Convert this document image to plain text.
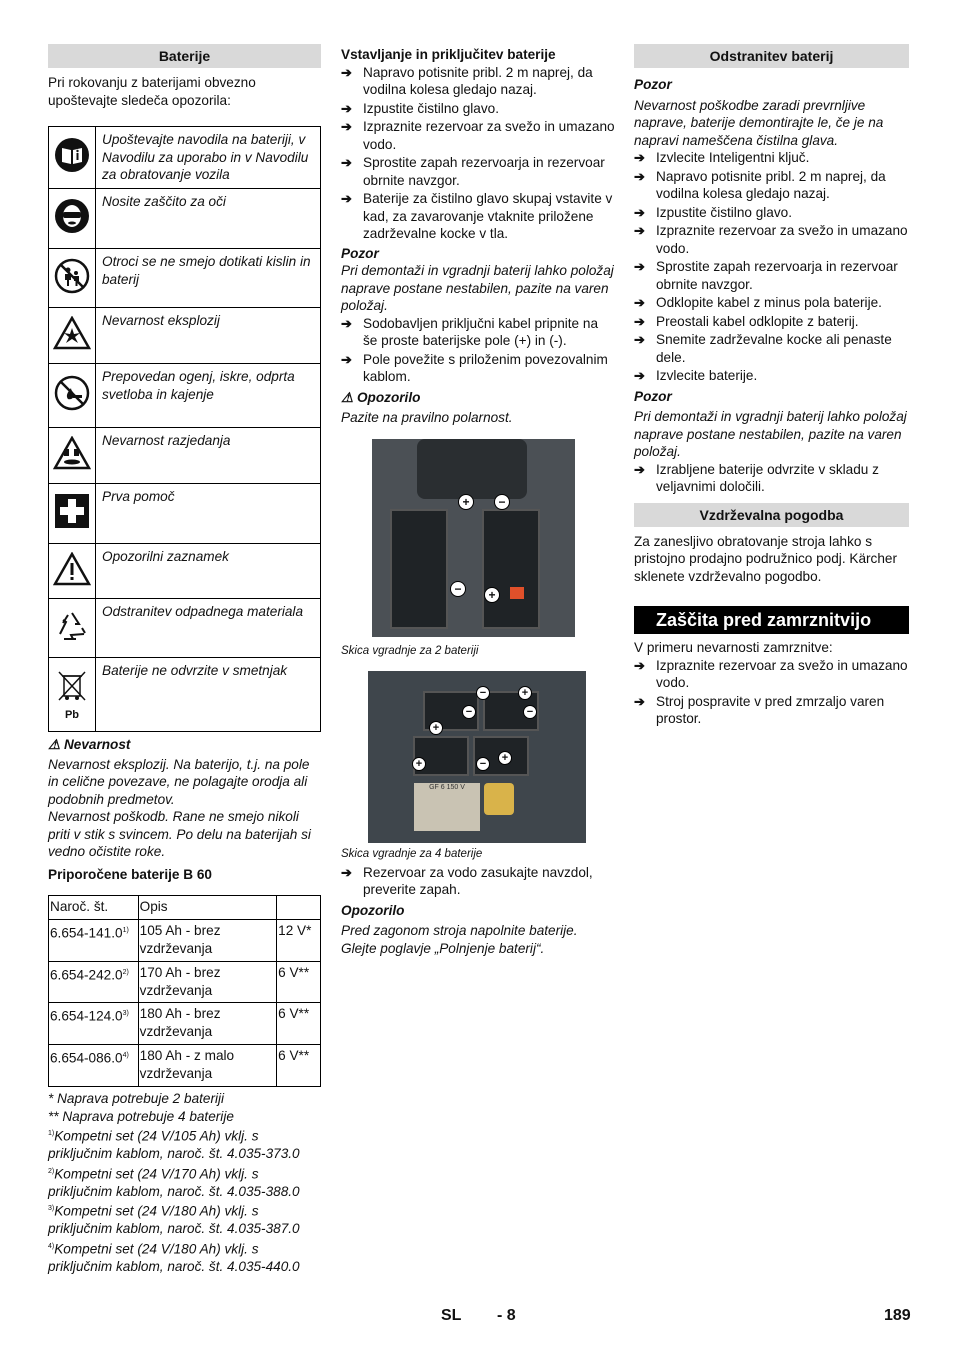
Baterije

Pri rokovanju z baterijami obvezno upoštevajte sledeča opozorila:

	Upoštevajte navodila na bateriji, v Navodilu za uporabo in v Navodilu za obratovanje vozila
	Nosite zaščito za oči
	Otroci se ne smejo dotikati kislin in baterij
	Nevarnost eksplozij
	Prepovedan ogenj, iskre, odprta svetloba in kajenje
	Nevarnost razjedanja
	Prva pomoč
	Opozorilni zaznamek
	Odstranitev odpadnega materiala

Pb	Baterije ne odvrzite v smetnjak
⚠ Nevarnost

Nevarnost eksplozij. Na baterijo, t.j. na pole in celične povezave, ne polagajte orodja ali podobnih predmetov.

Nevarnost poškodb. Rane ne smejo nikoli priti v stik s svincem. Po delu na baterijah si vedno očistite roke.

Priporočene baterije B 60

Naroč. št.	Opis	
6.654-141.0$^{1)}$	105 Ah - brez vzdrževanja	12 V*
6.654-242.0$^{2)}$	170 Ah - brez vzdrževanja	6 V**
6.654-124.0$^{3)}$	180 Ah - brez vzdrževanja	6 V**
6.654-086.0$^{4)}$	180 Ah - z malo vzdrževanja	6 V**

* Naprava potrebuje 2 bateriji

** Naprava potrebuje 4 baterije

$^{1)}$Kompetni set (24 V/105 Ah) vklj. s priključnim kablom, naroč. št. 4.035-373.0

$^{2)}$Kompetni set (24 V/170 Ah) vklj. s priključnim kablom, naroč. št. 4.035-388.0

$^{3)}$Kompetni set (24 V/180 Ah) vklj. s priključnim kablom, naroč. št. 4.035-387.0

$^{4)}$Kompetni set (24 V/180 Ah) vklj. s priključnim kablom, naroč. št. 4.035-440.0

Vstavljanje in priključitev baterije

➔ Napravo potisnite pribl. 2 m naprej, da vodilna kolesa gledajo nazaj.
➔ Izpustite čistilno glavo.
➔ Izpraznite rezervoar za svežo in umazano vodo.
➔ Sprostite zapah rezervoarja in rezervoar obrnite navzgor.
➔ Baterije za čistilno glavo skupaj vstavite v kad, za zavarovanje vtaknite priložene zadrževalne kocke v tla.

Pozor

Pri demontaži in vgradnji baterij lahko položaj naprave postane nestabilen, pazite na varen položaj.

➔ Sodobavljen priključni kabel pripnite na še proste baterijske pole (+) in (-).
➔ Pole povežite s priloženim povezovalnim kablom.
⚠ Opozorilo

Pazite na pravilno polarnost.

+	−
−	+

Skica vgradnje za 2 bateriji

GF 6 150 V
−	+
−	−
+
+	−	+

Skica vgradnje za 4 baterije

➔ Rezervoar za vodo zasukajte navzdol, preverite zapah.

Opozorilo

Pred zagonom stroja napolnite baterije. Glejte poglavje „Polnjenje baterij“.

Odstranitev baterij

Pozor

Nevarnost poškodbe zaradi prevrnljive naprave, baterije demontirajte le, če je na napravi nameščena čistilna glava.

➔ Izvlecite Inteligentni ključ.
➔ Napravo potisnite pribl. 2 m naprej, da vodilna kolesa gledajo nazaj.
➔ Izpustite čistilno glavo.
➔ Izpraznite rezervoar za svežo in umazano vodo.
➔ Sprostite zapah rezervoarja in rezervoar obrnite navzgor.
➔ Odklopite kabel z minus pola baterije.
➔ Preostali kabel odklopite z baterij.
➔ Snemite zadrževalne kocke ali penaste dele.
➔ Izvlecite baterije.

Pozor

Pri demontaži in vgradnji baterij lahko položaj naprave postane nestabilen, pazite na varen položaj.

➔ Izrabljene baterije odvrzite v skladu z veljavnimi določili.
Vzdrževalna pogodba

Za zanesljivo obratovanje stroja lahko s pristojno prodajno podružnico podj. Kärcher sklenete vzdrževalno pogodbo.

Zaščita pred zamrznitvijo

V primeru nevarnosti zamrznitve:

➔ Izpraznite rezervoar za svežo in umazano vodo.
➔ Stroj pospravite v pred zmrzaljo varen prostor.
SL - 8	189
